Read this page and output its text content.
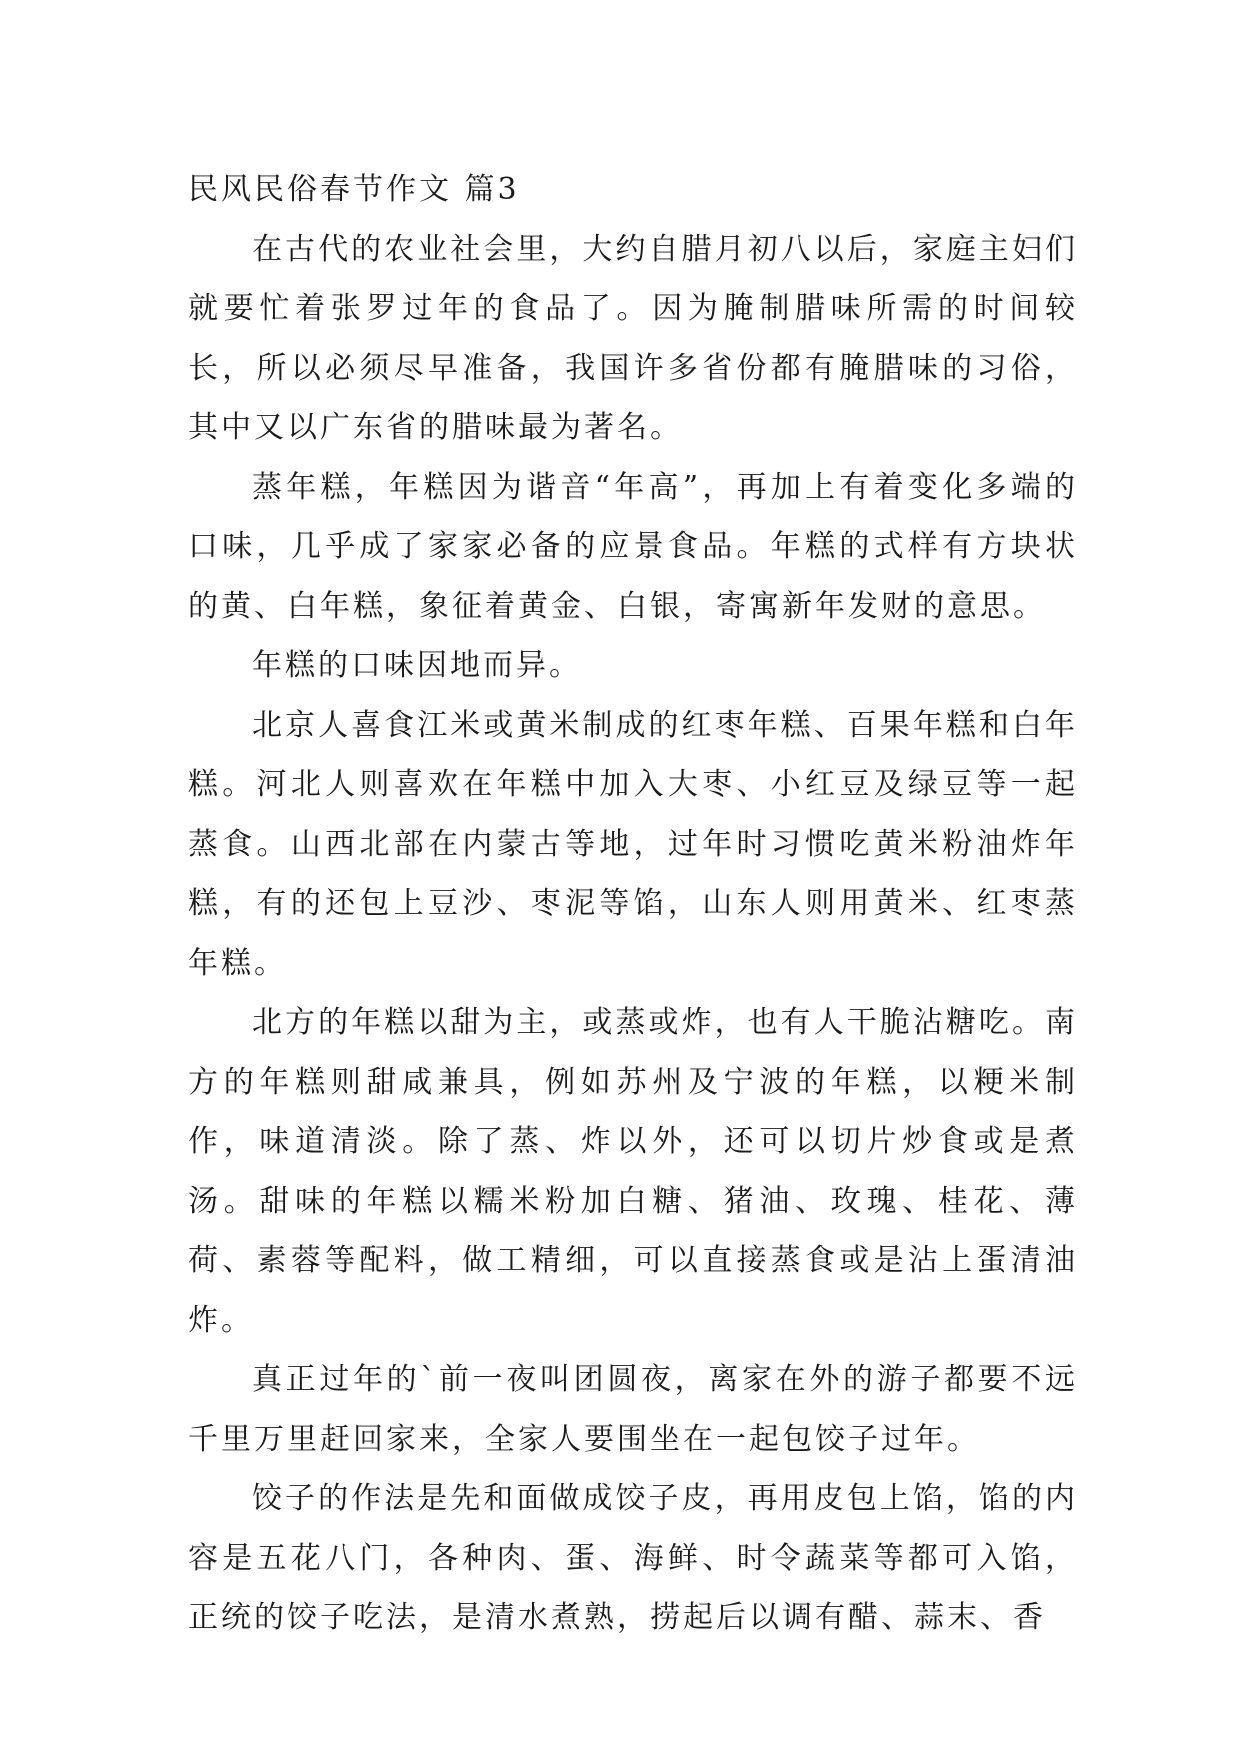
民风民俗春节作文 篇3

在古代的农业社会里，大约自腊月初八以后，家庭主妇们就要忙着张罗过年的食品了。因为腌制腊味所需的时间较长，所以必须尽早准备，我国许多省份都有腌腊味的习俗，其中又以广东省的腊味最为著名。

蒸年糕，年糕因为谐音“年高”，再加上有着变化多端的口味，几乎成了家家必备的应景食品。年糕的式样有方块状的黄、白年糕，象征着黄金、白银，寄寓新年发财的意思。

年糕的口味因地而异。

北京人喜食江米或黄米制成的红枣年糕、百果年糕和白年糕。河北人则喜欢在年糕中加入大枣、小红豆及绿豆等一起蒸食。山西北部在内蒙古等地，过年时习惯吃黄米粉油炸年糕，有的还包上豆沙、枣泥等馅，山东人则用黄米、红枣蒸年糕。

北方的年糕以甜为主，或蒸或炸，也有人干脆沾糖吃。南方的年糕则甜咸兼具，例如苏州及宁波的年糕，以粳米制作，味道清淡。除了蒸、炸以外，还可以切片炒食或是煮汤。甜味的年糕以糯米粉加白糖、猪油、玫瑰、桂花、薄荷、素蓉等配料，做工精细，可以直接蒸食或是沾上蛋清油炸。

真正过年的`前一夜叫团圆夜，离家在外的游子都要不远千里万里赶回家来，全家人要围坐在一起包饺子过年。

饺子的作法是先和面做成饺子皮，再用皮包上馅，馅的内容是五花八门，各种肉、蛋、海鲜、时令蔬菜等都可入馅，正统的饺子吃法，是清水煮熟，捞起后以调有醋、蒜末、香
